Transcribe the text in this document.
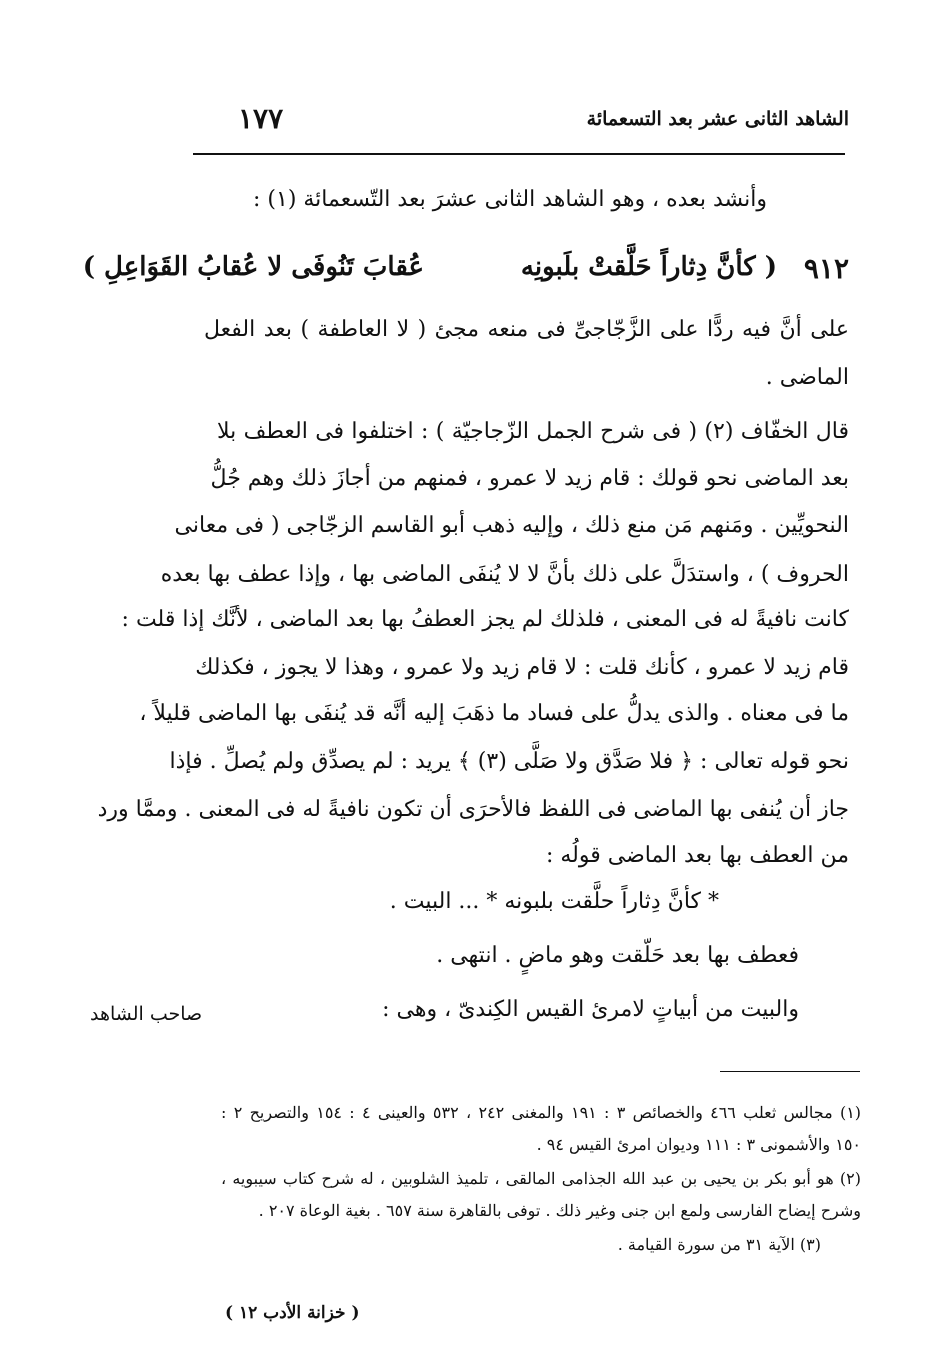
الشاهد الثانى عشر بعد التسعمائة
١٧٧
وأنشد بعده ، وهو الشاهد الثانى عشرَ بعد التّسعمائة (١) :
٩١٢
( كأنَّ دِثاراً حَلَّقتْ بلَبونِه
عُقابَ تَنُوفَى لا عُقابُ القَوَاعِلِ )
على أنَّ فيه ردًّا على الزَّجّاجىِّ فى منعه مجئ ( لا العاطفة ) بعد الفعل
الماضى .
قال الخفّاف (٢) ( فى شرح الجمل الزّجاجيّة ) : اختلفوا فى العطف بلا
بعد الماضى نحو قولك : قام زيد لا عمرو ، فمنهم من أجازَ ذلك وهم جُلُّ
النحويِّين . ومَنهم مَن منع ذلك ، وإليه ذهب أبو القاسم الزجّاجى ( فى معانى
الحروف ) ، واستدَلَّ على ذلك بأنَّ لا لا يُنفَى الماضى بها ، وإذا عطف بها بعده
كانت نافيةً له فى المعنى ، فلذلك لم يجز العطفُ بها بعد الماضى ، لأنَّك إذا قلت :
قام زيد لا عمرو ، كأنك قلت : لا قام زيد ولا عمرو ، وهذا لا يجوز ، فكذلك
ما فى معناه . والذى يدلُّ على فساد ما ذهَبَ إليه أنَّه قد يُنفَى بها الماضى قليلاً ،
نحو قوله تعالى : ﴿ فلا صَدَّق ولا صَلَّى (٣) ﴾ يريد : لم يصدِّق ولم يُصلِّ . فإذا
جاز أن يُنفى بها الماضى فى اللفظ فالأحرَى أن تكون نافيةً له فى المعنى . وممَّا ورد
من العطف بها بعد الماضى قولُه :
* كأنَّ دِثاراً حلَّقت بلبونه * ... البيت .
فعطف بها بعد حَلّقت وهو ماضٍ . انتهى .
والبيت من أبياتٍ لامرئ القيس الكِندىّ ، وهى :
صاحب الشاهد
(١) مجالس ثعلب ٤٦٦ والخصائص ٣ : ١٩١ والمغنى ٢٤٢ ، ٥٣٢ والعينى ٤ : ١٥٤ والتصريح ٢ :
١٥٠ والأشمونى ٣ : ١١١ وديوان امرئ القيس ٩٤ .
(٢) هو أبو بكر بن يحيى بن عبد الله الجذامى المالقى ، تلميذ الشلوبين ، له شرح كتاب سيبويه ،
وشرح إيضاح الفارسى ولمع ابن جنى وغير ذلك . توفى بالقاهرة سنة ٦٥٧ . بغية الوعاة ٢٠٧ .
(٣) الآية ٣١ من سورة القيامة .
( خزانة الأدب ١٢ )
